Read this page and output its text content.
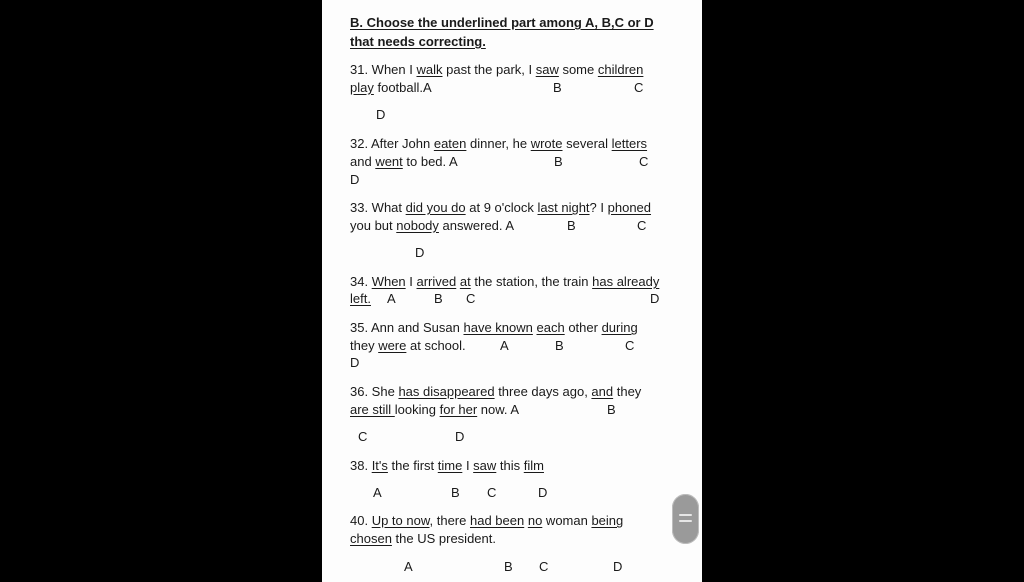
B. Choose the underlined part among A, B,C or D
that needs correcting.
31. When I walk past the park, I saw some children
play football.A	B	C
D
32. After John eaten dinner, he wrote several letters
and went to bed. A	B	C
D
33. What did you do at 9 o'clock last night? I phoned
you but nobody answered. A	B	C
D
34. When I arrived at the station, the train has already
left. A	B C	D
35. Ann and Susan have known each other during
they were at school.	A	B	C
D
36. She has disappeared three days ago, and they
are still looking for her now. A	B
C	D
38. It's the first time I saw this film
A	B C	D
40. Up to now, there had been no woman being
chosen the US president.
A	B C	D
